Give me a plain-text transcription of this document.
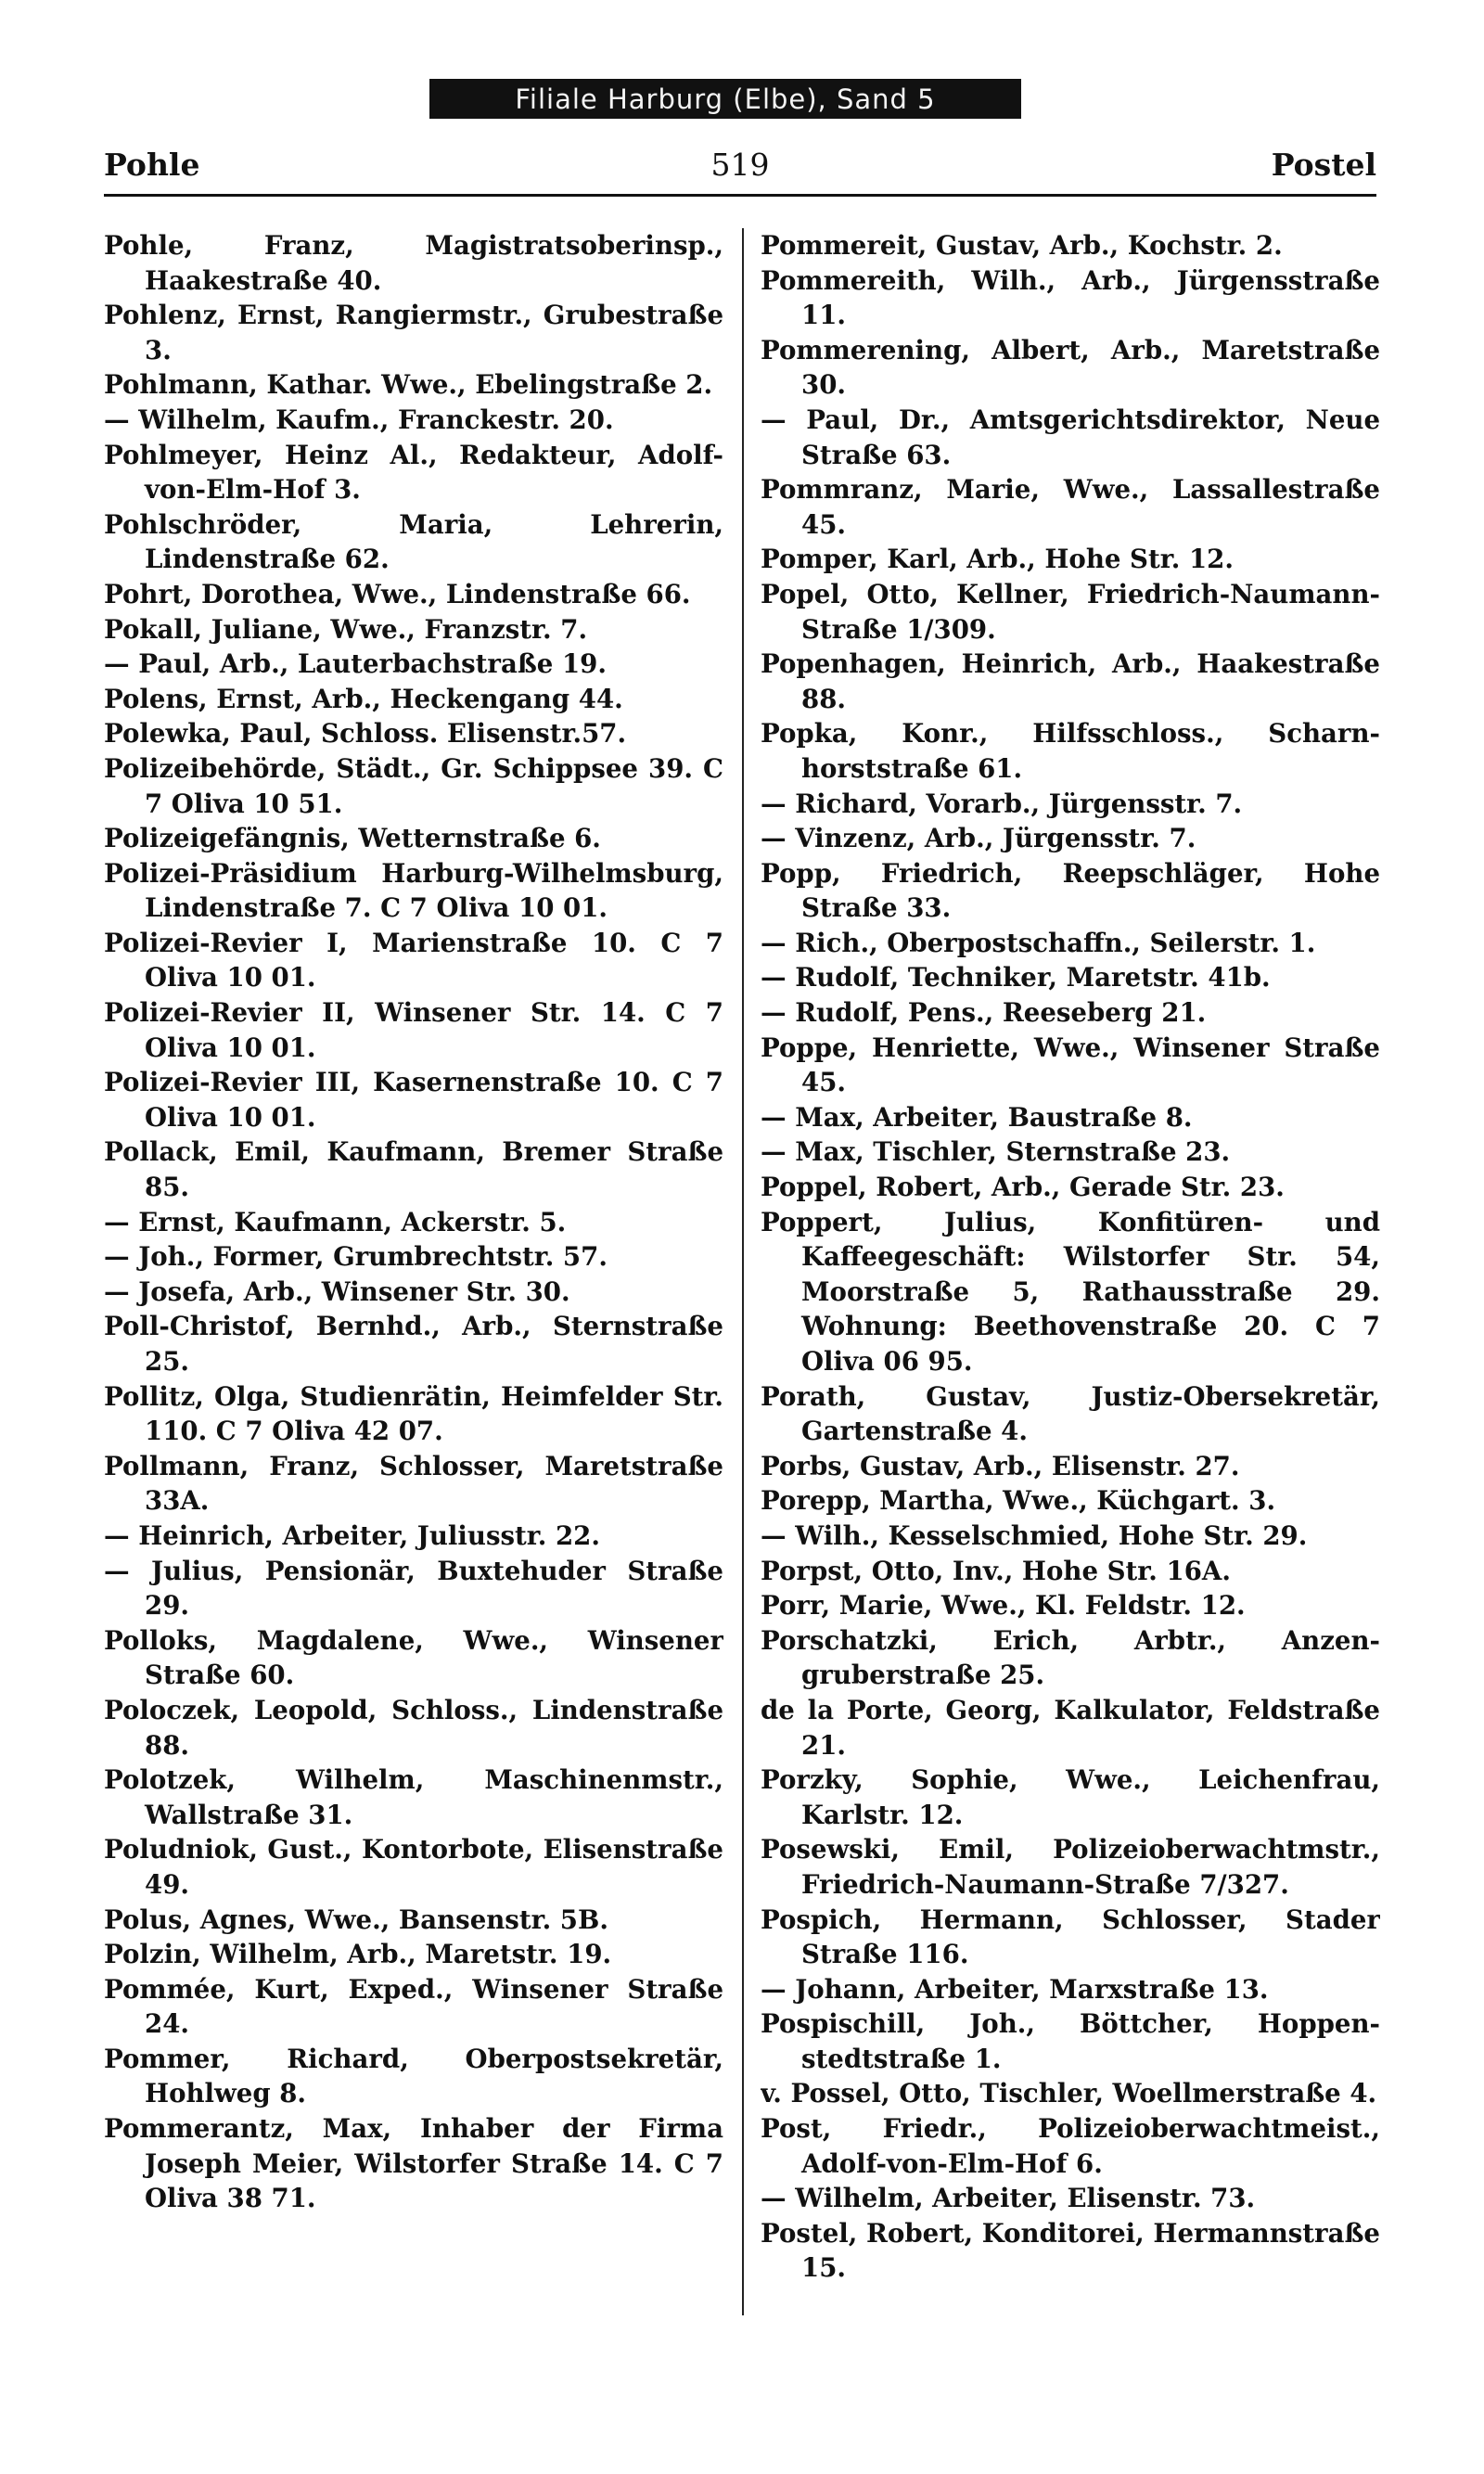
Filiale Harburg (Elbe), Sand 5
Pohle	519	Postel
Pohle, Franz, Magistratsoberinsp., Haakestraße 40.
Pohlenz, Ernst, Rangiermstr., Grubestraße 3.
Pohlmann, Kathar. Wwe., Ebelingstraße 2.
— Wilhelm, Kaufm., Franckestr. 20.
Pohlmeyer, Heinz Al., Redakteur, Adolf-von-Elm-Hof 3.
Pohlschröder, Maria, Lehrerin, Lindenstraße 62.
Pohrt, Dorothea, Wwe., Lindenstraße 66.
Pokall, Juliane, Wwe., Franzstr. 7.
— Paul, Arb., Lauterbachstraße 19.
Polens, Ernst, Arb., Heckengang 44.
Polewka, Paul, Schloss. Elisenstr.57.
Polizeibehörde, Städt., Gr. Schippsee 39. C 7 Oliva 10 51.
Polizeigefängnis, Wetternstraße 6.
Polizei-Präsidium Harburg-Wilhelmsburg, Lindenstraße 7. C 7 Oliva 10 01.
Polizei-Revier I, Marienstraße 10. C 7 Oliva 10 01.
Polizei-Revier II, Winsener Str. 14. C 7 Oliva 10 01.
Polizei-Revier III, Kasernenstraße 10. C 7 Oliva 10 01.
Pollack, Emil, Kaufmann, Bremer Straße 85.
— Ernst, Kaufmann, Ackerstr. 5.
— Joh., Former, Grumbrechtstr. 57.
— Josefa, Arb., Winsener Str. 30.
Poll-Christof, Bernhd., Arb., Sternstraße 25.
Pollitz, Olga, Studienrätin, Heimfelder Str. 110. C 7 Oliva 42 07.
Pollmann, Franz, Schlosser, Maretstraße 33A.
— Heinrich, Arbeiter, Juliusstr. 22.
— Julius, Pensionär, Buxtehuder Straße 29.
Polloks, Magdalene, Wwe., Winsener Straße 60.
Poloczek, Leopold, Schloss., Lindenstraße 88.
Polotzek, Wilhelm, Maschinenmstr., Wallstraße 31.
Poludniok, Gust., Kontorbote, Elisenstraße 49.
Polus, Agnes, Wwe., Bansenstr. 5B.
Polzin, Wilhelm, Arb., Maretstr. 19.
Pommée, Kurt, Exped., Winsener Straße 24.
Pommer, Richard, Oberpostsekretär, Hohlweg 8.
Pommerantz, Max, Inhaber der Firma Joseph Meier, Wilstorfer Straße 14. C 7 Oliva 38 71.
Pommereit, Gustav, Arb., Kochstr. 2.
Pommereith, Wilh., Arb., Jürgensstraße 11.
Pommerening, Albert, Arb., Maretstraße 30.
— Paul, Dr., Amtsgerichtsdirektor, Neue Straße 63.
Pommranz, Marie, Wwe., Lassallestraße 45.
Pomper, Karl, Arb., Hohe Str. 12.
Popel, Otto, Kellner, Friedrich-Naumann-Straße 1/309.
Popenhagen, Heinrich, Arb., Haakestraße 88.
Popka, Konr., Hilfsschloss., Scharnhorststraße 61.
— Richard, Vorarb., Jürgensstr. 7.
— Vinzenz, Arb., Jürgensstr. 7.
Popp, Friedrich, Reepschläger, Hohe Straße 33.
— Rich., Oberpostschaffn., Seilerstr. 1.
— Rudolf, Techniker, Maretstr. 41b.
— Rudolf, Pens., Reeseberg 21.
Poppe, Henriette, Wwe., Winsener Straße 45.
— Max, Arbeiter, Baustraße 8.
— Max, Tischler, Sternstraße 23.
Poppel, Robert, Arb., Gerade Str. 23.
Poppert, Julius, Konfitüren- und Kaffeegeschäft: Wilstorfer Str. 54, Moorstraße 5, Rathausstraße 29. Wohnung: Beethovenstraße 20. C 7 Oliva 06 95.
Porath, Gustav, Justiz-Obersekretär, Gartenstraße 4.
Porbs, Gustav, Arb., Elisenstr. 27.
Porepp, Martha, Wwe., Küchgart. 3.
— Wilh., Kesselschmied, Hohe Str. 29.
Porpst, Otto, Inv., Hohe Str. 16A.
Porr, Marie, Wwe., Kl. Feldstr. 12.
Porschatzki, Erich, Arbtr., Anzengruberstraße 25.
de la Porte, Georg, Kalkulator, Feldstraße 21.
Porzky, Sophie, Wwe., Leichenfrau, Karlstr. 12.
Posewski, Emil, Polizeioberwachtmstr., Friedrich-Naumann-Straße 7/327.
Pospich, Hermann, Schlosser, Stader Straße 116.
— Johann, Arbeiter, Marxstraße 13.
Pospischill, Joh., Böttcher, Hoppenstedtstraße 1.
v. Possel, Otto, Tischler, Woellmerstraße 4.
Post, Friedr., Polizeioberwachtmeist., Adolf-von-Elm-Hof 6.
— Wilhelm, Arbeiter, Elisenstr. 73.
Postel, Robert, Konditorei, Hermannstraße 15.
